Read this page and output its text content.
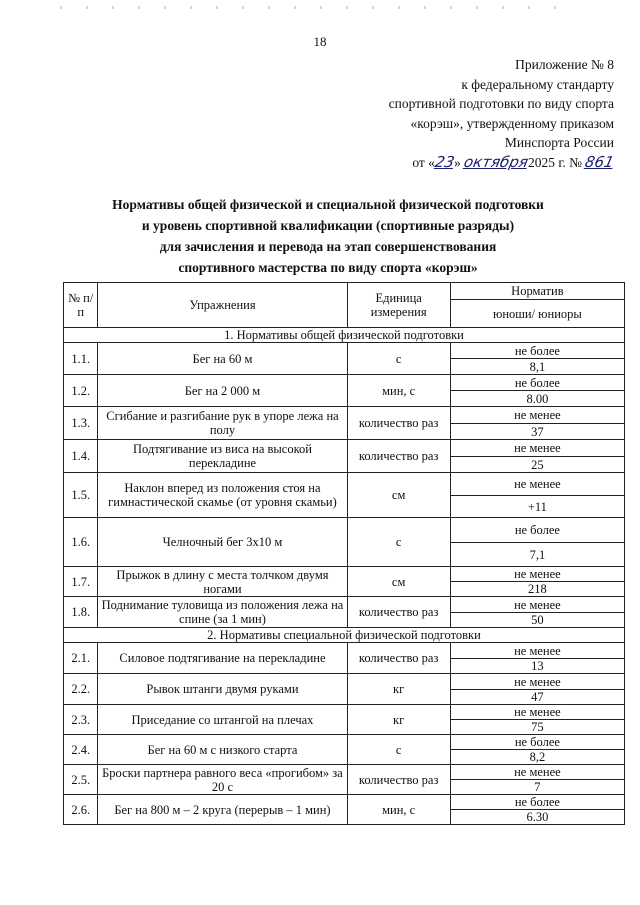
18
Приложение № 8
к федеральному стандарту
спортивной подготовки по виду спорта
«корэш», утвержденному приказом
Минспорта России
от «23» октября2025 г. № 861
Нормативы общей физической и специальной физической подготовки
и уровень спортивной квалификации (спортивные разряды)
для зачисления и перевода на этап совершенствования
спортивного мастерства по виду спорта «корэш»
№ п/п	Упражнения	Единица измерения	Норматив
			юноши/ юниоры
1. Нормативы общей физической подготовки			
1.1.	Бег на 60 м	с	не более
			8,1
1.2.	Бег на 2 000 м	мин, с	не более
			8.00
1.3.	Сгибание и разгибание рук в упоре лежа на полу	количество раз	не менее
			37
1.4.	Подтягивание из виса на высокой перекладине	количество раз	не менее
			25
1.5.	Наклон вперед из положения стоя на гимнастической скамье (от уровня скамьи)	см	не менее
			+11
1.6.	Челночный бег 3x10 м	с	не более
			7,1
1.7.	Прыжок в длину с места толчком двумя ногами	см	не менее
			218
1.8.	Поднимание туловища из положения лежа на спине (за 1 мин)	количество раз	не менее
			50
2. Нормативы специальной физической подготовки			
2.1.	Силовое подтягивание на перекладине	количество раз	не менее
			13
2.2.	Рывок штанги двумя руками	кг	не менее
			47
2.3.	Приседание со штангой на плечах	кг	не менее
			75
2.4.	Бег на 60 м с низкого старта	с	не более
			8,2
2.5.	Броски партнера равного веса «прогибом» за 20 с	количество раз	не менее
			7
2.6.	Бег на 800 м – 2 круга (перерыв – 1 мин)	мин, с	не более
			6.30
